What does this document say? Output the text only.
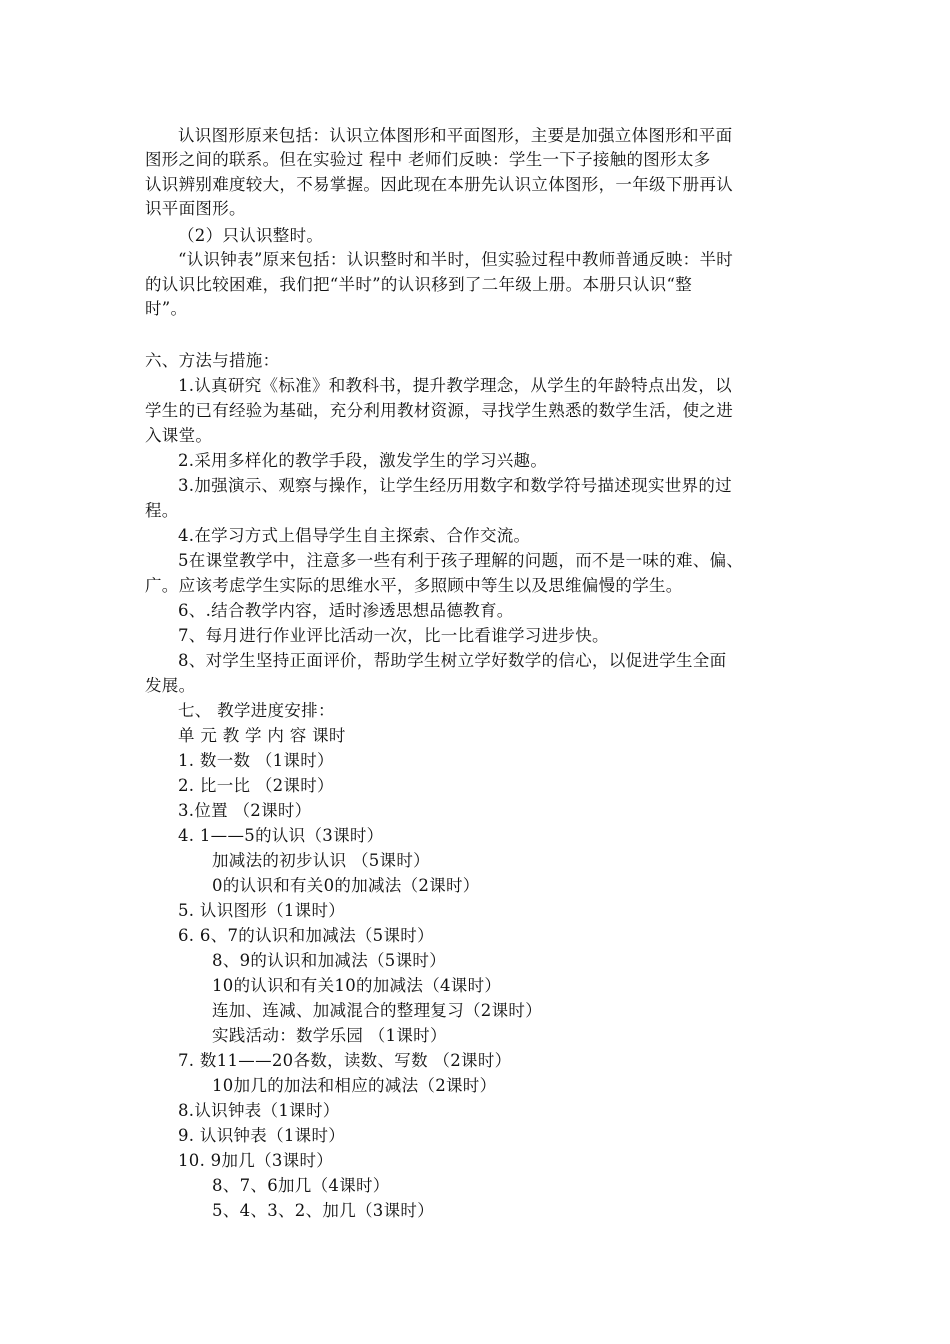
认识图形原来包括：认识立体图形和平面图形，主要是加强立体图形和平面
图形之间的联系。但在实验过 程中 老师们反映：学生一下子接触的图形太多
认识辨别难度较大，不易掌握。因此现在本册先认识立体图形，一年级下册再认
识平面图形。
（2）只认识整时。
“认识钟表”原来包括：认识整时和半时，但实验过程中教师普通反映：半时
的认识比较困难，我们把“半时”的认识移到了二年级上册。本册只认识“整
时”。
六、方法与措施：
1.认真研究《标准》和教科书，提升教学理念，从学生的年龄特点出发，以
学生的已有经验为基础，充分利用教材资源，寻找学生熟悉的数学生活，使之进
入课堂。
2.采用多样化的教学手段，激发学生的学习兴趣。
3.加强演示、观察与操作，让学生经历用数字和数学符号描述现实世界的过
程。
4.在学习方式上倡导学生自主探索、合作交流。
5在课堂教学中，注意多一些有利于孩子理解的问题，而不是一味的难、偏、
广。应该考虑学生实际的思维水平，多照顾中等生以及思维偏慢的学生。
6、.结合教学内容，适时渗透思想品德教育。
7、每月进行作业评比活动一次，比一比看谁学习进步快。
8、对学生坚持正面评价，帮助学生树立学好数学的信心，以促进学生全面
发展。
七、 教学进度安排：
单 元 教 学 内 容 课时
1. 数一数 （1课时）
2. 比一比 （2课时）
3.位置 （2课时）
4. 1——5的认识（3课时）
加减法的初步认识 （5课时）
0的认识和有关0的加减法（2课时）
5. 认识图形（1课时）
6. 6、7的认识和加减法（5课时）
8、9的认识和加减法（5课时）
10的认识和有关10的加减法（4课时）
连加、连减、加减混合的整理复习（2课时）
实践活动：数学乐园 （1课时）
7. 数11——20各数，读数、写数 （2课时）
10加几的加法和相应的减法（2课时）
8.认识钟表（1课时）
9. 认识钟表（1课时）
10. 9加几（3课时）
8、7、6加几（4课时）
5、4、3、2、加几（3课时）
